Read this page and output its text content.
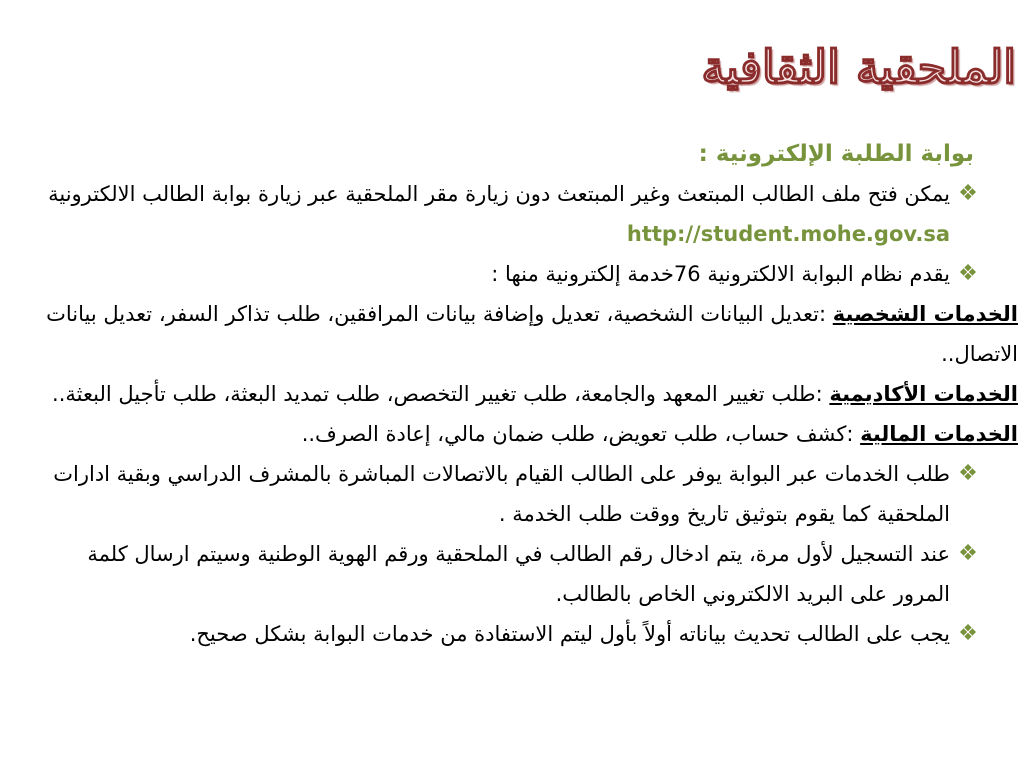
الملحقية الثقافية
بوابة الطلبة الإلكترونية :
❖
يمكن فتح ملف الطالب المبتعث وغير المبتعث دون زيارة مقر الملحقية عبر زيارة بوابة الطالب الالكترونية http://student.mohe.gov.sa
❖
يقدم نظام البوابة الالكترونية 76خدمة إلكترونية منها :
الخدمات الشخصية :تعديل البيانات الشخصية، تعديل وإضافة بيانات المرافقين، طلب تذاكر السفر، تعديل بيانات الاتصال..
الخدمات الأكاديمية :طلب تغيير المعهد والجامعة، طلب تغيير التخصص، طلب تمديد البعثة، طلب تأجيل البعثة..
الخدمات المالية :كشف حساب، طلب تعويض، طلب ضمان مالي، إعادة الصرف..
❖
طلب الخدمات عبر البوابة يوفر على الطالب القيام بالاتصالات المباشرة بالمشرف الدراسي وبقية ادارات الملحقية كما يقوم بتوثيق تاريخ ووقت طلب الخدمة .
❖
عند التسجيل لأول مرة، يتم ادخال رقم الطالب في الملحقية ورقم الهوية الوطنية وسيتم ارسال كلمة المرور على البريد الالكتروني الخاص بالطالب.
❖
يجب على الطالب تحديث بياناته أولاً بأول ليتم الاستفادة من خدمات البوابة بشكل صحيح.
